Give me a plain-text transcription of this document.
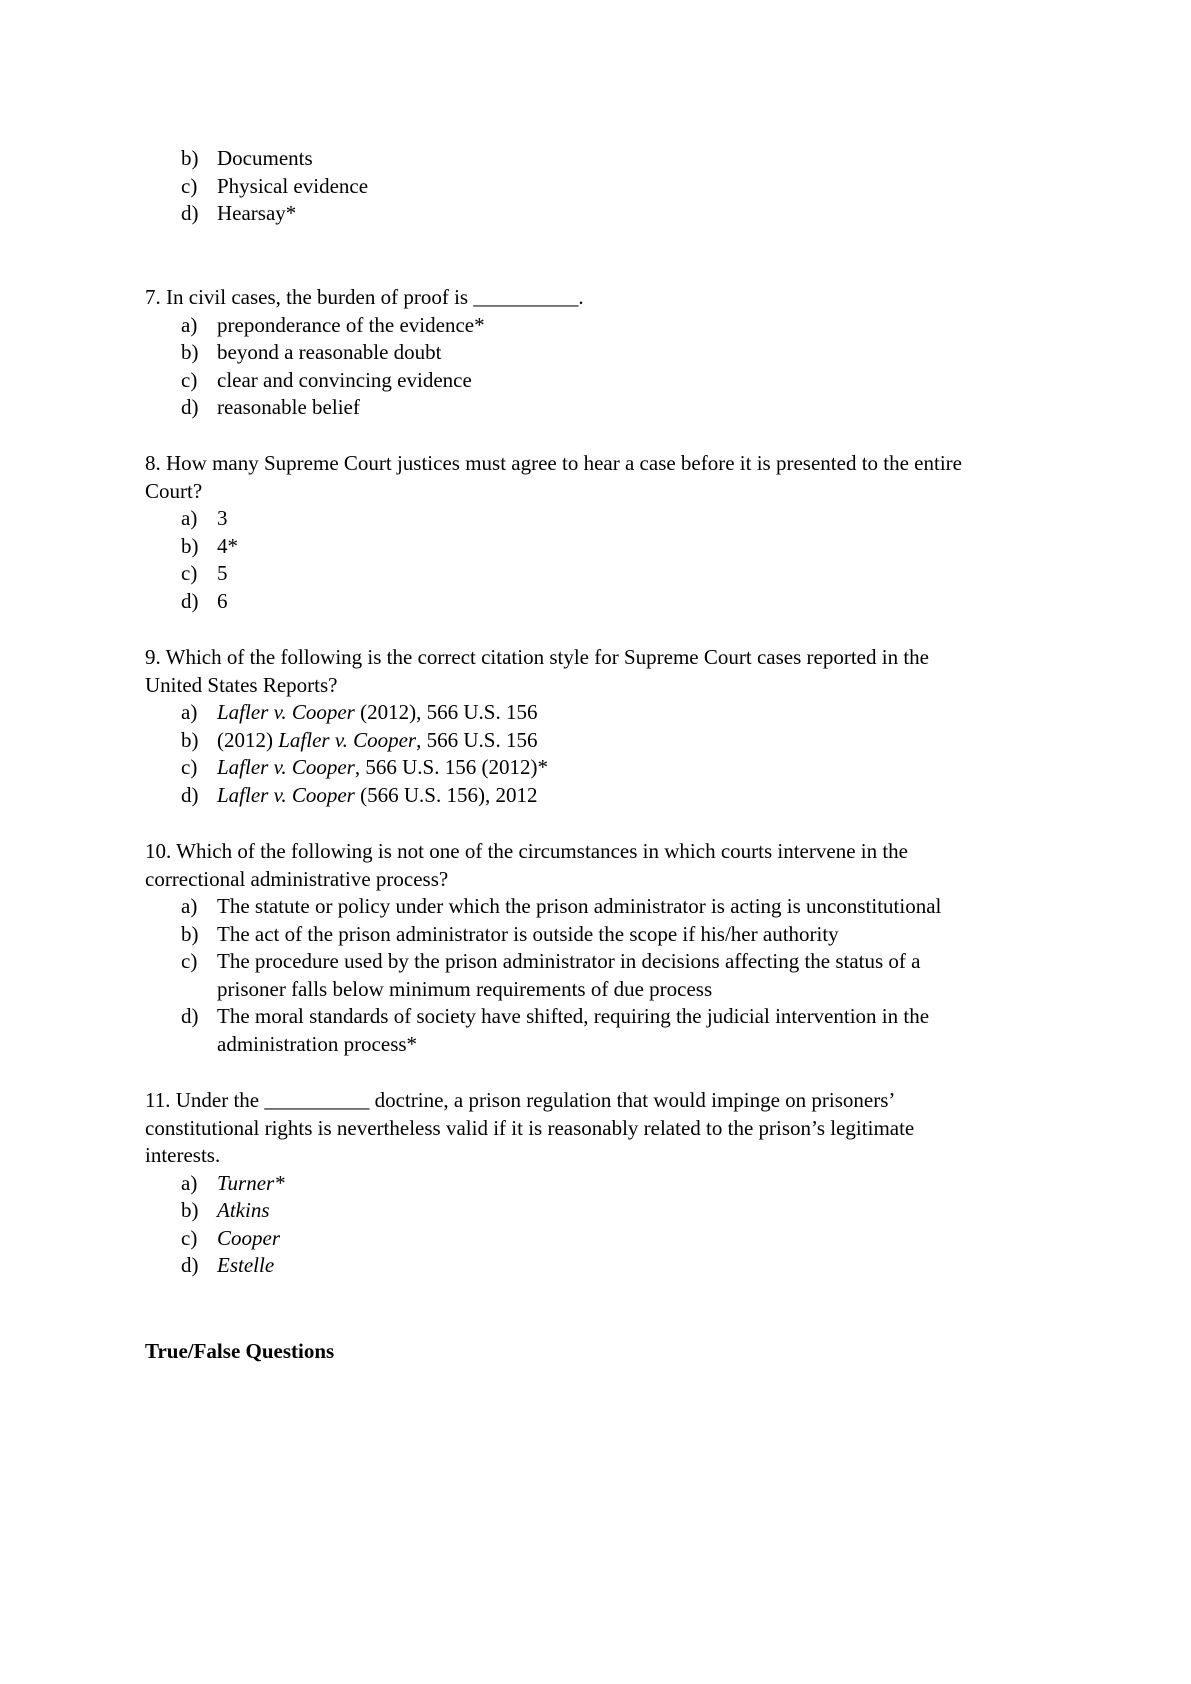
b) Documents
c) Physical evidence
d) Hearsay*
7. In civil cases, the burden of proof is __________.
a) preponderance of the evidence*
b) beyond a reasonable doubt
c) clear and convincing evidence
d) reasonable belief
8. How many Supreme Court justices must agree to hear a case before it is presented to the entire
Court?
a) 3
b) 4*
c) 5
d) 6
9. Which of the following is the correct citation style for Supreme Court cases reported in the
United States Reports?
a) Lafler v. Cooper (2012), 566 U.S. 156
b) (2012) Lafler v. Cooper, 566 U.S. 156
c) Lafler v. Cooper, 566 U.S. 156 (2012)*
d) Lafler v. Cooper (566 U.S. 156), 2012
10. Which of the following is not one of the circumstances in which courts intervene in the
correctional administrative process?
a) The statute or policy under which the prison administrator is acting is unconstitutional
b) The act of the prison administrator is outside the scope if his/her authority
c) The procedure used by the prison administrator in decisions affecting the status of a
prisoner falls below minimum requirements of due process
d) The moral standards of society have shifted, requiring the judicial intervention in the
administration process*
11. Under the __________ doctrine, a prison regulation that would impinge on prisoners’
constitutional rights is nevertheless valid if it is reasonably related to the prison’s legitimate
interests.
a) Turner*
b) Atkins
c) Cooper
d) Estelle
True/False Questions
